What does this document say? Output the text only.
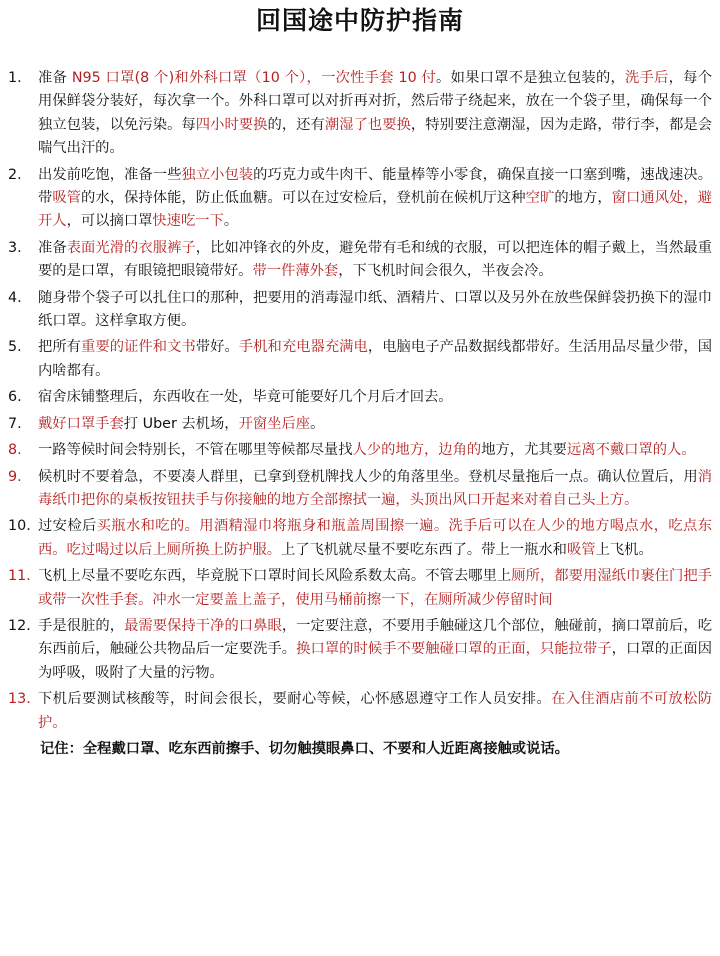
回国途中防护指南
1.	准备 N95 口罩(8 个)和外科口罩（10 个），一次性手套 10 付。如果口罩不是独立包装的，洗手后，每个用保鲜袋分装好，每次拿一个。外科口罩可以对折再对折，然后带子绕起来，放在一个袋子里，确保每一个独立包装，以免污染。每四小时要换的，还有潮湿了也要换，特别要注意潮湿，因为走路，带行李，都是会喘气出汗的。
2.	出发前吃饱，准备一些独立小包装的巧克力或牛肉干、能量棒等小零食，确保直接一口塞到嘴，速战速决。带吸管的水，保持体能，防止低血糖。可以在过安检后，登机前在候机厅这种空旷的地方，窗口通风处，避开人，可以摘口罩快速吃一下。
3.	准备表面光滑的衣服裤子，比如冲锋衣的外皮，避免带有毛和绒的衣服，可以把连体的帽子戴上，当然最重要的是口罩，有眼镜把眼镜带好。带一件薄外套，下飞机时间会很久，半夜会冷。
4.	随身带个袋子可以扎住口的那种，把要用的消毒湿巾纸、酒精片、口罩以及另外在放些保鲜袋扔换下的湿巾纸口罩。这样拿取方便。
5.	把所有重要的证件和文书带好。手机和充电器充满电，电脑电子产品数据线都带好。生活用品尽量少带，国内啥都有。
6.	宿舍床铺整理后，东西收在一处，毕竟可能要好几个月后才回去。
7.	戴好口罩手套打 Uber 去机场，开窗坐后座。
8.	一路等候时间会特别长，不管在哪里等候都尽量找人少的地方，边角的地方，尤其要远离不戴口罩的人。
9.	候机时不要着急，不要凑人群里，已拿到登机牌找人少的角落里坐。登机尽量拖后一点。确认位置后，用消毒纸巾把你的桌板按钮扶手与你接触的地方全部擦拭一遍，头顶出风口开起来对着自己头上方。
10. 过安检后买瓶水和吃的。用酒精湿巾将瓶身和瓶盖周围擦一遍。洗手后可以在人少的地方喝点水，吃点东西。吃过喝过以后上厕所换上防护服。上了飞机就尽量不要吃东西了。带上一瓶水和吸管上飞机。
11. 飞机上尽量不要吃东西，毕竟脱下口罩时间长风险系数太高。不管去哪里上厕所，都要用湿纸巾裹住门把手或带一次性手套。冲水一定要盖上盖子，使用马桶前擦一下，在厕所减少停留时间
12. 手是很脏的，最需要保持干净的口鼻眼，一定要注意，不要用手触碰这几个部位，触碰前，摘口罩前后，吃东西前后，触碰公共物品后一定要洗手。换口罩的时候手不要触碰口罩的正面，只能拉带子，口罩的正面因为呼吸，吸附了大量的污物。
13. 下机后要测试核酸等，时间会很长，要耐心等候，心怀感恩遵守工作人员安排。在入住酒店前不可放松防护。

记住：全程戴口罩、吃东西前擦手、切勿触摸眼鼻口、不要和人近距离接触或说话。
